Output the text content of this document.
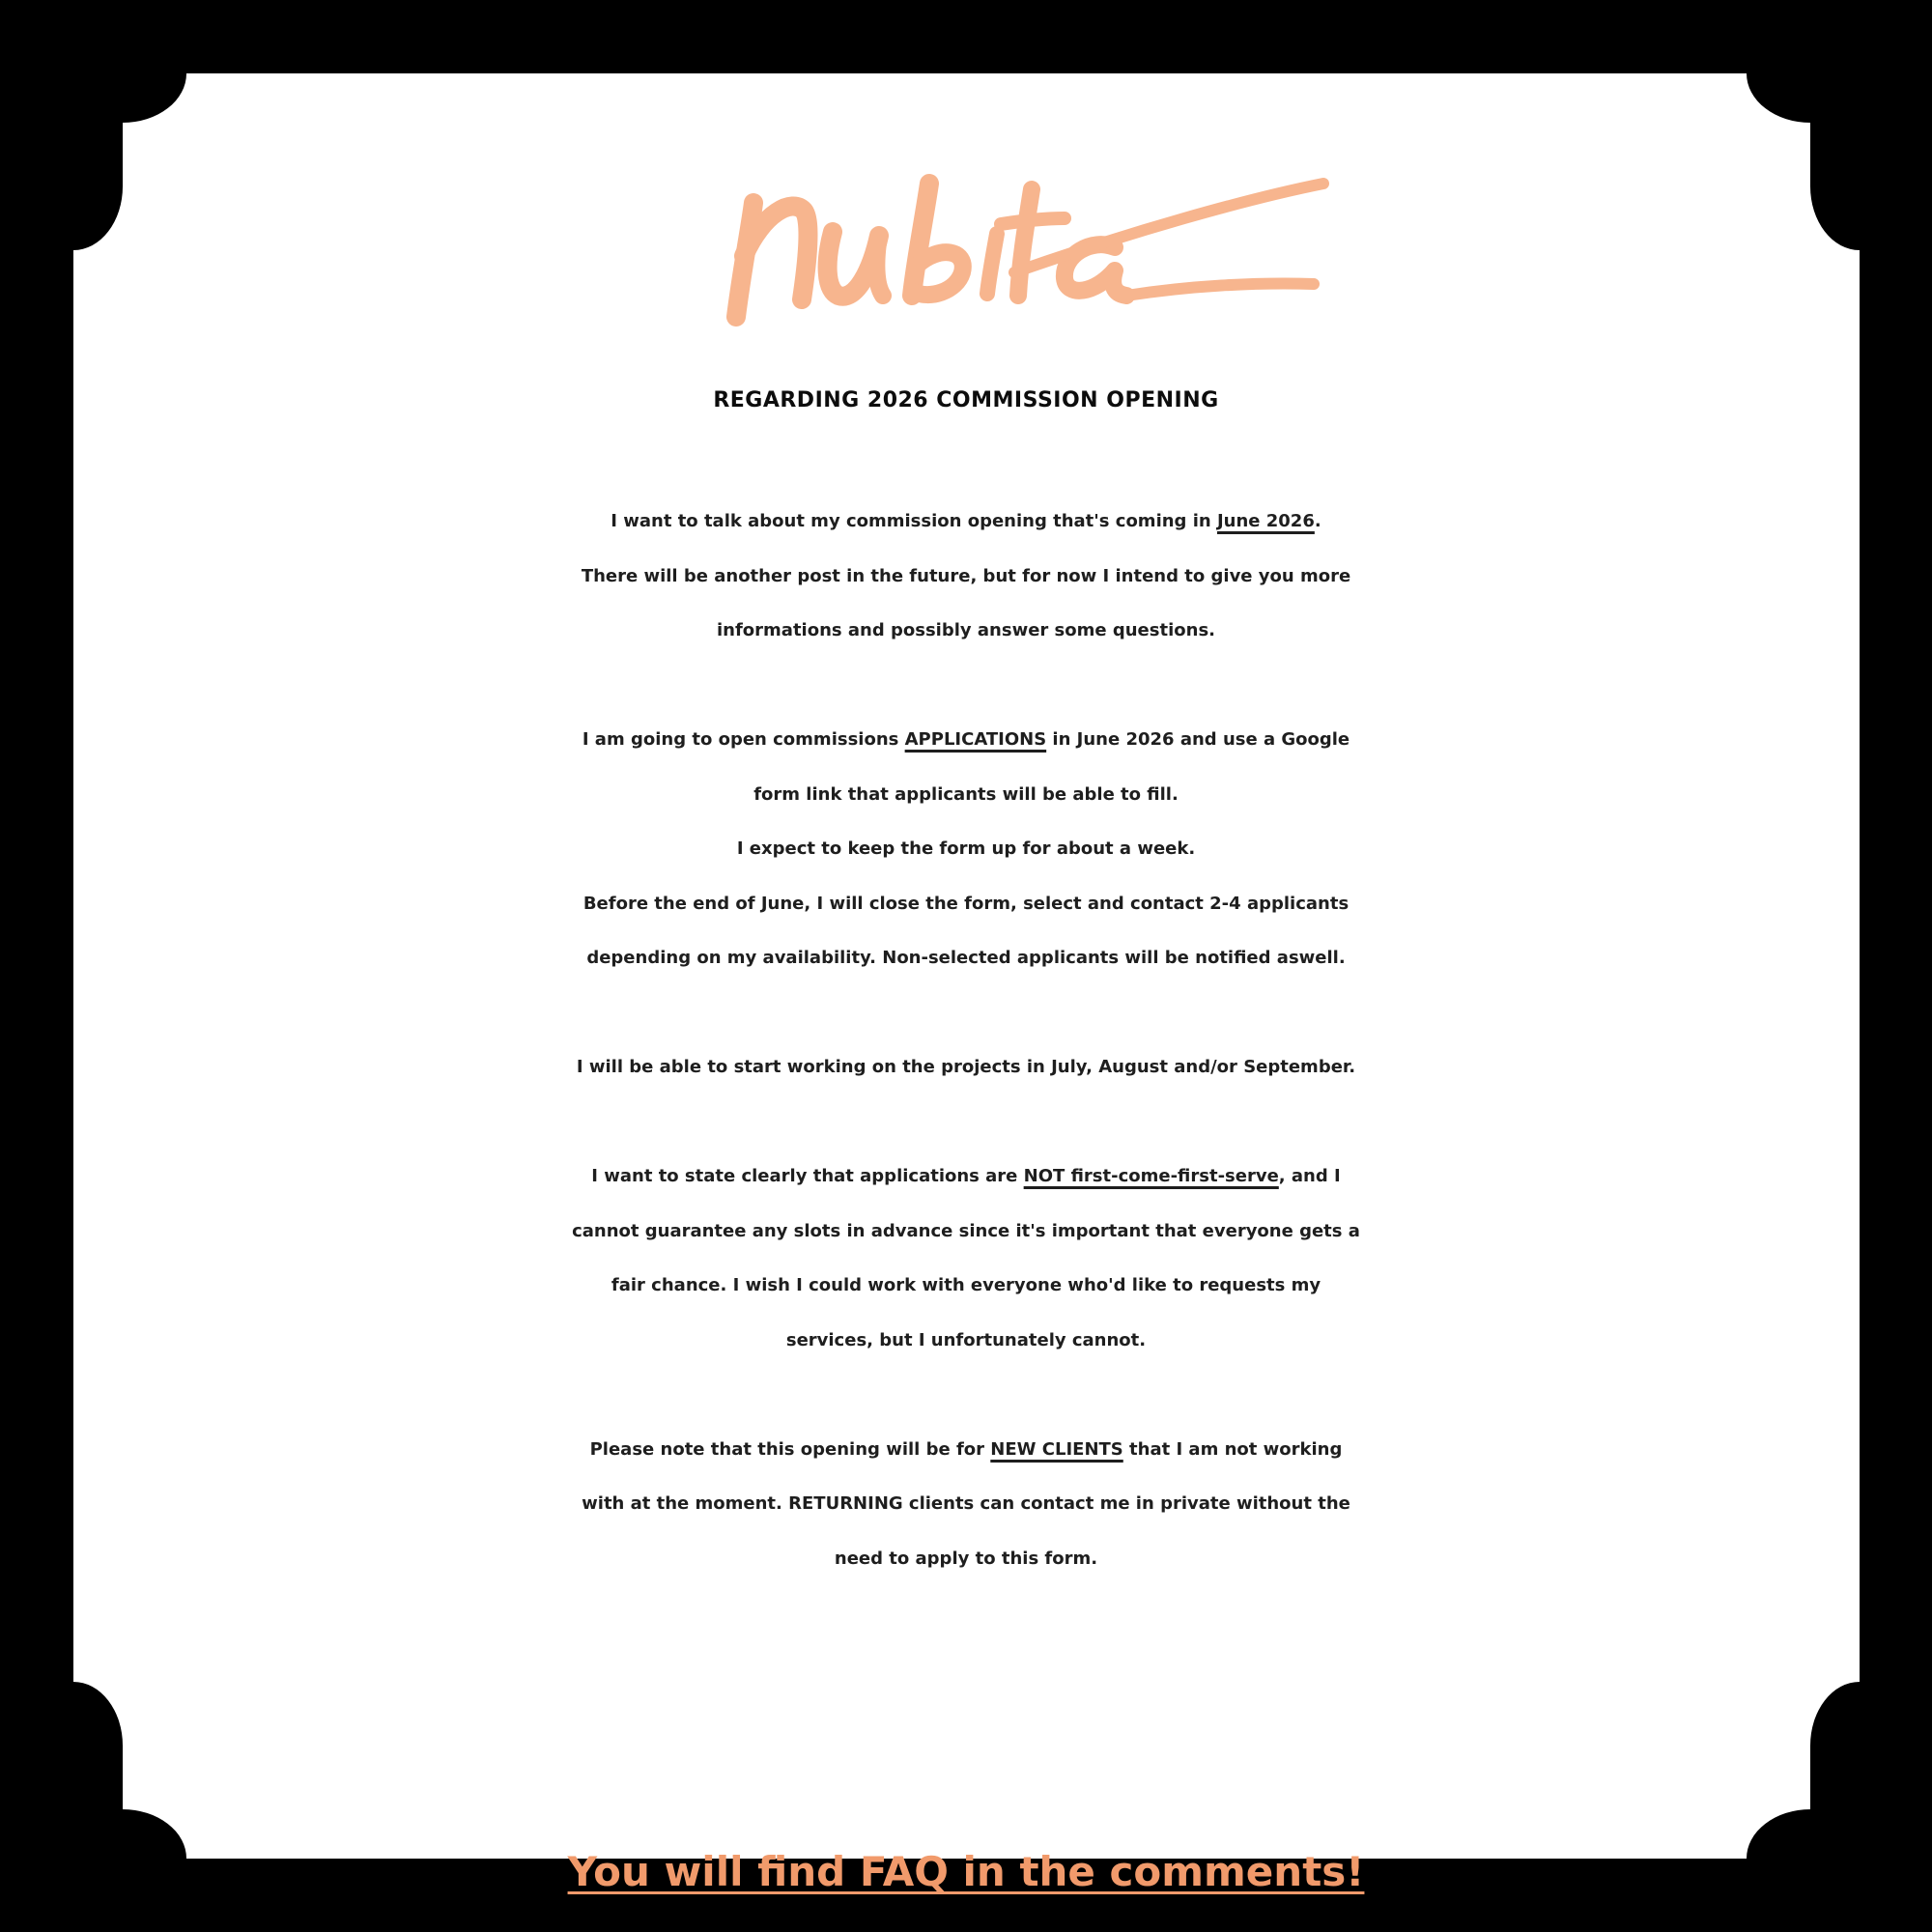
REGARDING 2026 COMMISSION OPENING

I want to talk about my commission opening that's coming in June 2026.
There will be another post in the future, but for now I intend to give you more
informations and possibly answer some questions.

I am going to open commissions APPLICATIONS in June 2026 and use a Google
form link that applicants will be able to fill.
I expect to keep the form up for about a week.
Before the end of June, I will close the form, select and contact 2-4 applicants
depending on my availability. Non-selected applicants will be notified aswell.

I will be able to start working on the projects in July, August and/or September.

I want to state clearly that applications are NOT first-come-first-serve, and I
cannot guarantee any slots in advance since it's important that everyone gets a
fair chance. I wish I could work with everyone who'd like to requests my
services, but I unfortunately cannot.

Please note that this opening will be for NEW CLIENTS that I am not working
with at the moment. RETURNING clients can contact me in private without the
need to apply to this form.

You will find FAQ in the comments!
